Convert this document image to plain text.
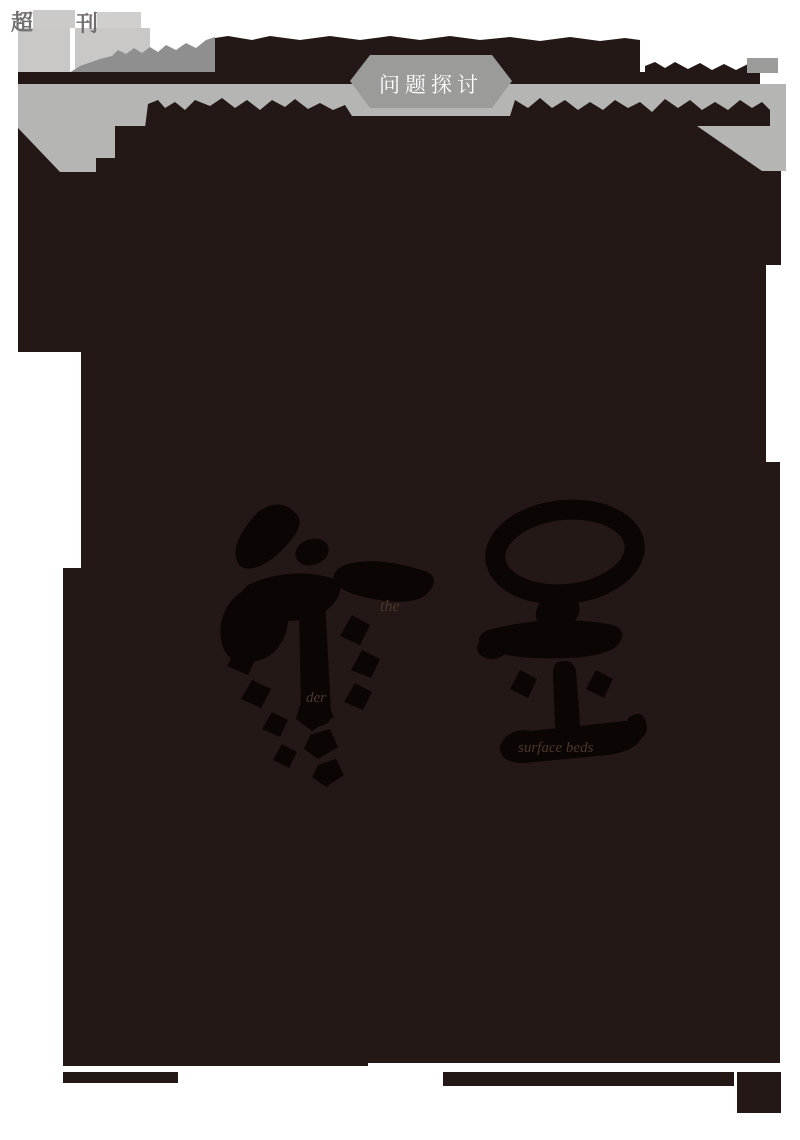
超 刊
问题探讨
the
der
surface beds
